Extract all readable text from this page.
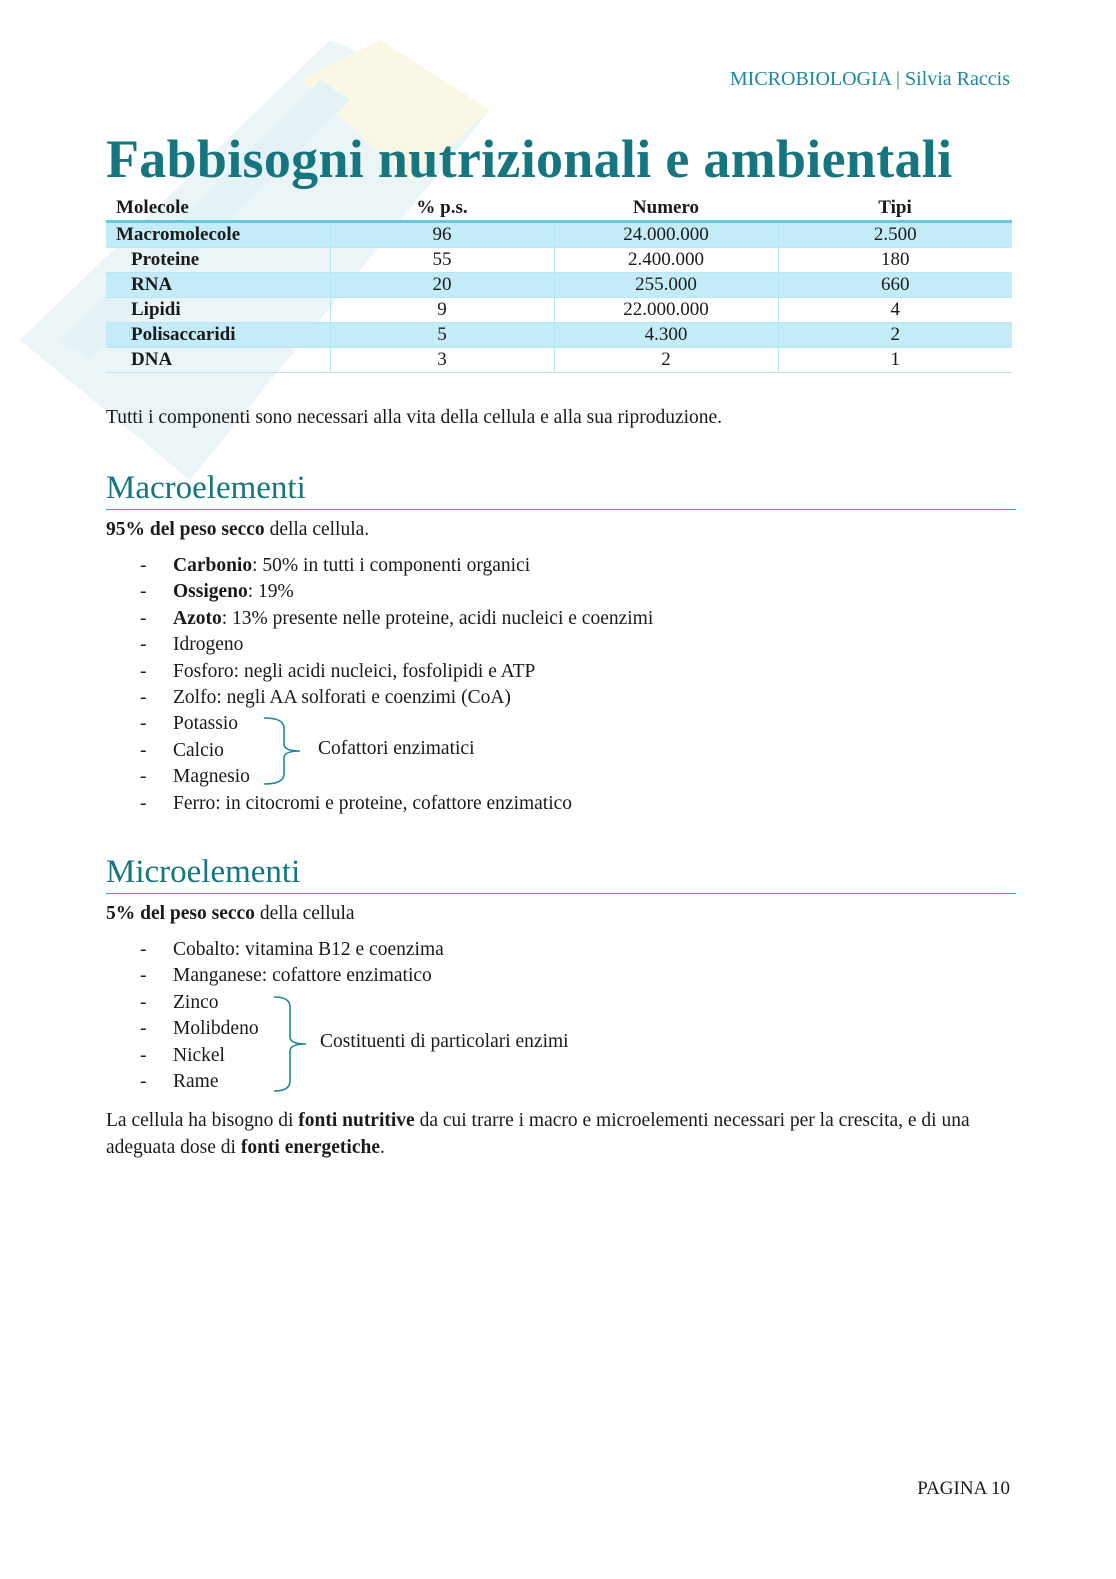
MICROBIOLOGIA | Silvia Raccis
Fabbisogni nutrizionali e ambientali
Molecole	% p.s.	Numero	Tipi
Macromolecole	96	24.000.000	2.500
Proteine	55	2.400.000	180
RNA	20	255.000	660
Lipidi	9	22.000.000	4
Polisaccaridi	5	4.300	2
DNA	3	2	1

Tutti i componenti sono necessari alla vita della cellula e alla sua riproduzione.

Macroelementi

95% del peso secco della cellula.

- Carbonio: 50% in tutti i componenti organici
- Ossigeno: 19%
- Azoto: 13% presente nelle proteine, acidi nucleici e coenzimi
- Idrogeno
- Fosforo: negli acidi nucleici, fosfolipidi e ATP
- Zolfo: negli AA solforati e coenzimi (CoA)
- Potassio
- Calcio
- Magnesio
- Ferro: in citocromi e proteine, cofattore enzimatico
Cofattori enzimatici
Microelementi

5% del peso secco della cellula

- Cobalto: vitamina B12 e coenzima
- Manganese: cofattore enzimatico
- Zinco
- Molibdeno
- Nickel
- Rame
Costituenti di particolari enzimi

La cellula ha bisogno di fonti nutritive da cui trarre i macro e microelementi necessari per la crescita, e di una adeguata dose di fonti energetiche.

PAGINA 10
